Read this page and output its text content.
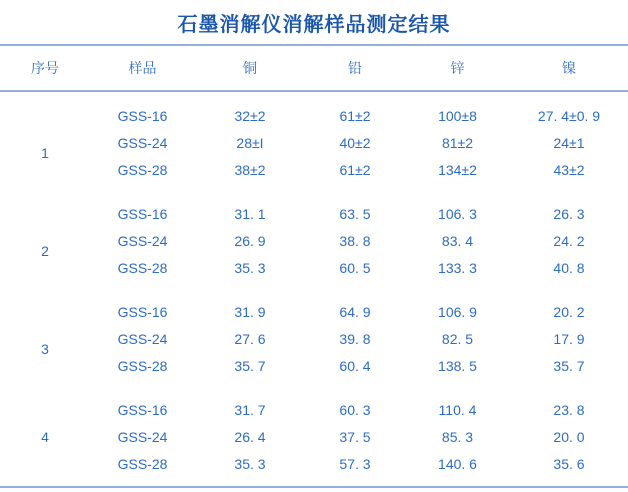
石墨消解仪消解样品测定结果
序号	样品	铜	铅	锌	镍
1
GSS-16	32±2	61±2	100±8	27. 4±0. 9
GSS-24	28±I	40±2	81±2	24±1
GSS-28	38±2	61±2	134±2	43±2
2
GSS-16	31. 1	63. 5	106. 3	26. 3
GSS-24	26. 9	38. 8	83. 4	24. 2
GSS-28	35. 3	60. 5	133. 3	40. 8
3
GSS-16	31. 9	64. 9	106. 9	20. 2
GSS-24	27. 6	39. 8	82. 5	17. 9
GSS-28	35. 7	60. 4	138. 5	35. 7
4
GSS-16	31. 7	60. 3	110. 4	23. 8
GSS-24	26. 4	37. 5	85. 3	20. 0
GSS-28	35. 3	57. 3	140. 6	35. 6
